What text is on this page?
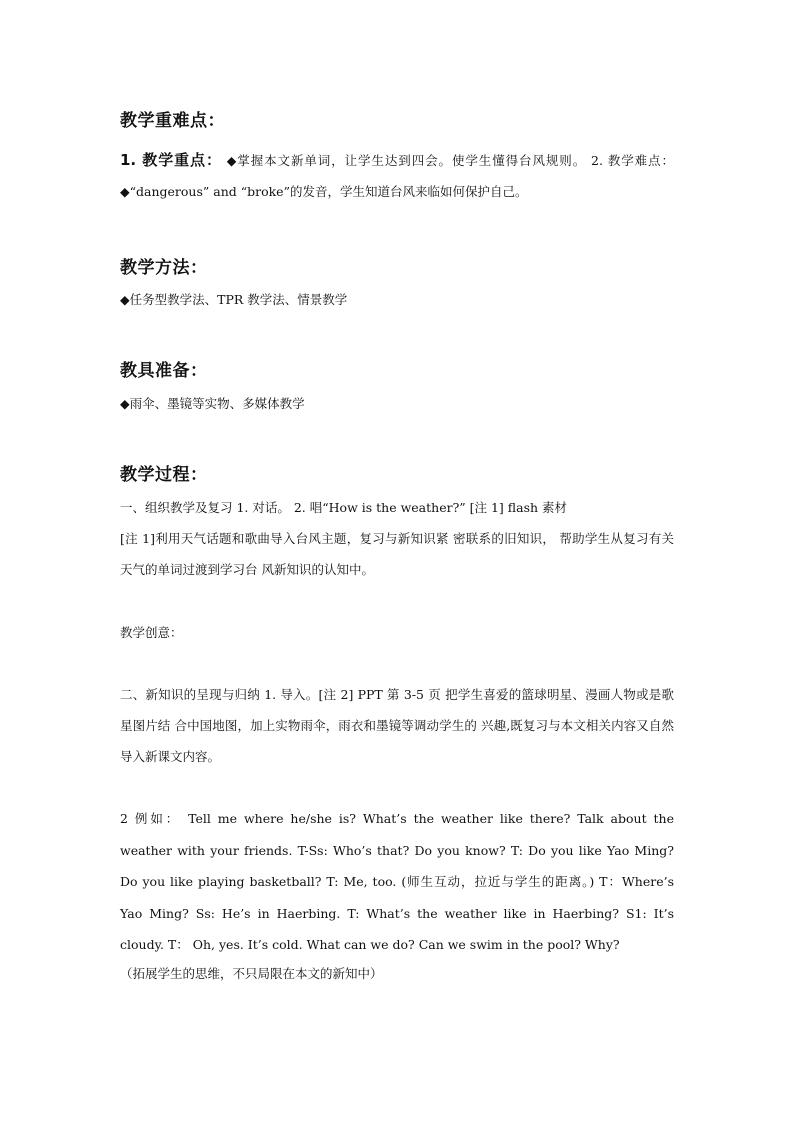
教学重难点：
1. 教学重点： ◆掌握本文新单词，让学生达到四会。使学生懂得台风规则。 2. 教学难点： ◆“dangerous” and “broke”的发音，学生知道台风来临如何保护自己。
教学方法：
◆任务型教学法、TPR 教学法、情景教学
教具准备：
◆雨伞、墨镜等实物、多媒体教学
教学过程：
一、组织教学及复习 1. 对话。 2. 唱“How is the weather?” [注 1] flash 素材
[注 1]利用天气话题和歌曲导入台风主题，复习与新知识紧 密联系的旧知识， 帮助学生从复习有关天气的单词过渡到学习台 风新知识的认知中。
教学创意：
二、新知识的呈现与归纳 1. 导入。[注 2] PPT 第 3-5 页 把学生喜爱的篮球明星、漫画人物或是歌星图片结 合中国地图，加上实物雨伞，雨衣和墨镜等调动学生的 兴趣,既复习与本文相关内容又自然导入新课文内容。
2 例如： Tell me where he/she is? What’s the weather like there? Talk about the weather with your friends. T-Ss: Who’s that? Do you know? T: Do you like Yao Ming? Do you like playing basketball? T: Me, too. (师生互动，拉近与学生的距离。) T：Where’s Yao Ming? Ss: He’s in Haerbing. T: What’s the weather like in Haerbing? S1: It’s cloudy. T： Oh, yes. It’s cold. What can we do? Can we swim in the pool? Why?
（拓展学生的思维，不只局限在本文的新知中）
